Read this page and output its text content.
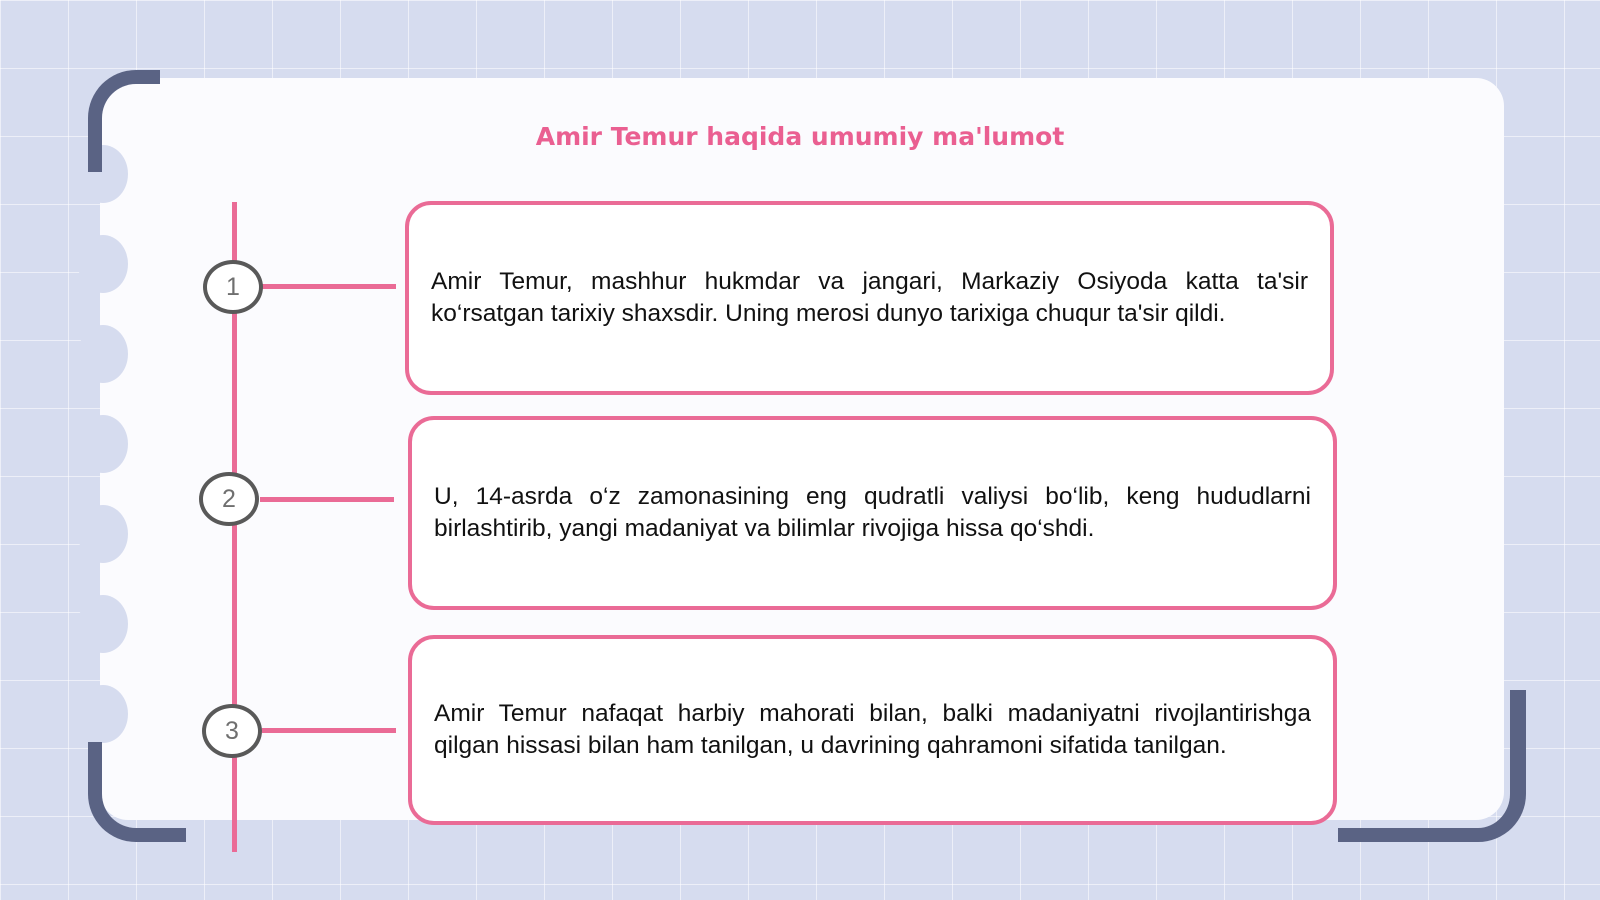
Amir Temur haqida umumiy ma'lumot
1
2
3

Amir Temur, mashhur hukmdar va jangari, Markaziy Osiyoda katta ta'sir ko‘rsatgan tarixiy shaxsdir. Uning merosi dunyo tarixiga chuqur ta'sir qildi.

U, 14-asrda o‘z zamonasining eng qudratli valiysi bo‘lib, keng hududlarni birlashtirib, yangi madaniyat va bilimlar rivojiga hissa qo‘shdi.

Amir Temur nafaqat harbiy mahorati bilan, balki madaniyatni rivojlantirishga qilgan hissasi bilan ham tanilgan, u davrining qahramoni sifatida tanilgan.
